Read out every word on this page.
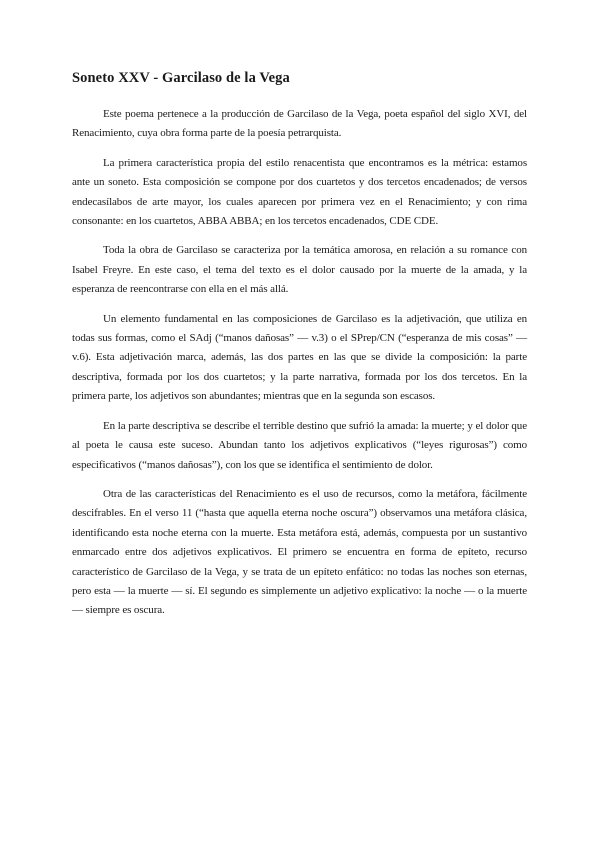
Soneto XXV - Garcilaso de la Vega

Este poema pertenece a la producción de Garcilaso de la Vega, poeta español del siglo XVI, del Renacimiento, cuya obra forma parte de la poesía petrarquista.

La primera característica propia del estilo renacentista que encontramos es la métrica: estamos ante un soneto. Esta composición se compone por dos cuartetos y dos tercetos encadenados; de versos endecasílabos de arte mayor, los cuales aparecen por primera vez en el Renacimiento; y con rima consonante: en los cuartetos, ABBA ABBA; en los tercetos encadenados, CDE CDE.

Toda la obra de Garcilaso se caracteriza por la temática amorosa, en relación a su romance con Isabel Freyre. En este caso, el tema del texto es el dolor causado por la muerte de la amada, y la esperanza de reencontrarse con ella en el más allá.

Un elemento fundamental en las composiciones de Garcilaso es la adjetivación, que utiliza en todas sus formas, como el SAdj (“manos dañosas” — v.3) o el SPrep/CN (“esperanza de mis cosas” — v.6). Esta adjetivación marca, además, las dos partes en las que se divide la composición: la parte descriptiva, formada por los dos cuartetos; y la parte narrativa, formada por los dos tercetos. En la primera parte, los adjetivos son abundantes; mientras que en la segunda son escasos.

En la parte descriptiva se describe el terrible destino que sufrió la amada: la muerte; y el dolor que al poeta le causa este suceso. Abundan tanto los adjetivos explicativos (“leyes rigurosas”) como especificativos (“manos dañosas”), con los que se identifica el sentimiento de dolor.

Otra de las características del Renacimiento es el uso de recursos, como la metáfora, fácilmente descifrables. En el verso 11 (“hasta que aquella eterna noche oscura”) observamos una metáfora clásica, identificando esta noche eterna con la muerte. Esta metáfora está, además, compuesta por un sustantivo enmarcado entre dos adjetivos explicativos. El primero se encuentra en forma de epíteto, recurso característico de Garcilaso de la Vega, y se trata de un epíteto enfático: no todas las noches son eternas, pero esta — la muerte — sí. El segundo es simplemente un adjetivo explicativo: la noche — o la muerte — siempre es oscura.
